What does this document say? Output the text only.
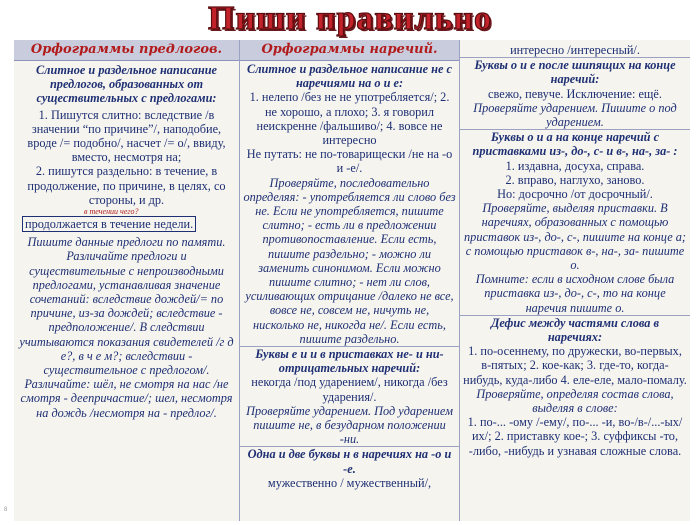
Пиши правильно
Орфограммы предлогов.
Слитное и раздельное написание предлогов, образованных от существительных с предлогами:
1. Пишутся слитно: вследствие /в значении “по причине”/, наподобие, вроде /= подобно/, насчет /= о/, ввиду, вместо, несмотря на;
2. пишутся раздельно: в течение, в продолжение, по причине, в целях, со стороны, и др.
в течении чего?
продолжается в течение недели.
Пишите данные предлоги по памяти. Различайте предлоги и существительные с непроизводными предлогами, устанавливая значение сочетаний: вследствие дождей/= по причине, из-за дождей; вследствие - предположение/. В следствии учитываются показания свидетелей /г д е?, в ч е м?; вследствии - существительное с предлогом/.
Различайте: шёл, не смотря на нас /не смотря - деепричастие/; шел, несмотря на дождь /несмотря на - предлог/.
Орфограммы наречий.
Слитное и раздельное написание не с наречиями на о и е:
1. нелепо /без не не употребляется/; 2. не хорошо, а плохо; 3. я говорил неискренне /фальшиво/; 4. вовсе не интересно
Не путать: не по-товарищески /не на -о и -е/.
Проверяйте, последовательно определяя: - употребляется ли слово без не. Если не употребляется, пишите слитно; - есть ли в предложении противопоставление. Если есть, пишите раздельно; - можно ли заменить синонимом. Если можно пишите слитно; - нет ли слов, усиливающих отрицание /далеко не все, вовсе не, совсем не, ничуть не, нисколько не, никогда не/. Если есть, пишите раздельно.
Буквы е и и в приставках не- и ни- отрицательных наречий:
некогда /под ударением/, никогда /без ударения/.
Проверяйте ударением. Под ударением пишите не, в безударном положении -ни.
Одна и две буквы н в наречиях на -о и -е.
мужественно / мужественный/,
интересно /интересный/.
Буквы о и е после шипящих на конце наречий:
свежо, певуче. Исключение: ещё.
Проверяйте ударением. Пишите о под ударением.
Буквы о и а на конце наречий с приставками из-, до-, с- и в-, на-, за- :
1. издавна, досуха, справа.
2. вправо, наглухо, заново.
Но: досрочно /от досрочный/.
Проверяйте, выделяя приставки. В наречиях, образованных с помощью приставок из-, до-, с-, пишите на конце а; с помощью приставок в-, на-, за- пишите о.
Помните: если в исходном слове была приставка из-, до-, с-, то на конце наречия пишите о.
Дефис между частями слова в наречиях:
1. по-осеннему, по дружески, во-первых, в-пятых; 2. кое-как; 3. где-то, когда-нибудь, куда-либо 4. еле-еле, мало-помалу.
Проверяйте, определяя состав слова, выделяя в слове:
1. по-... -ому /-ему/, по-... -и, во-/в-/...-ых/их/; 2. приставку кое-; 3. суффиксы -то, -либо, -нибудь и узнавая сложные слова.
8
